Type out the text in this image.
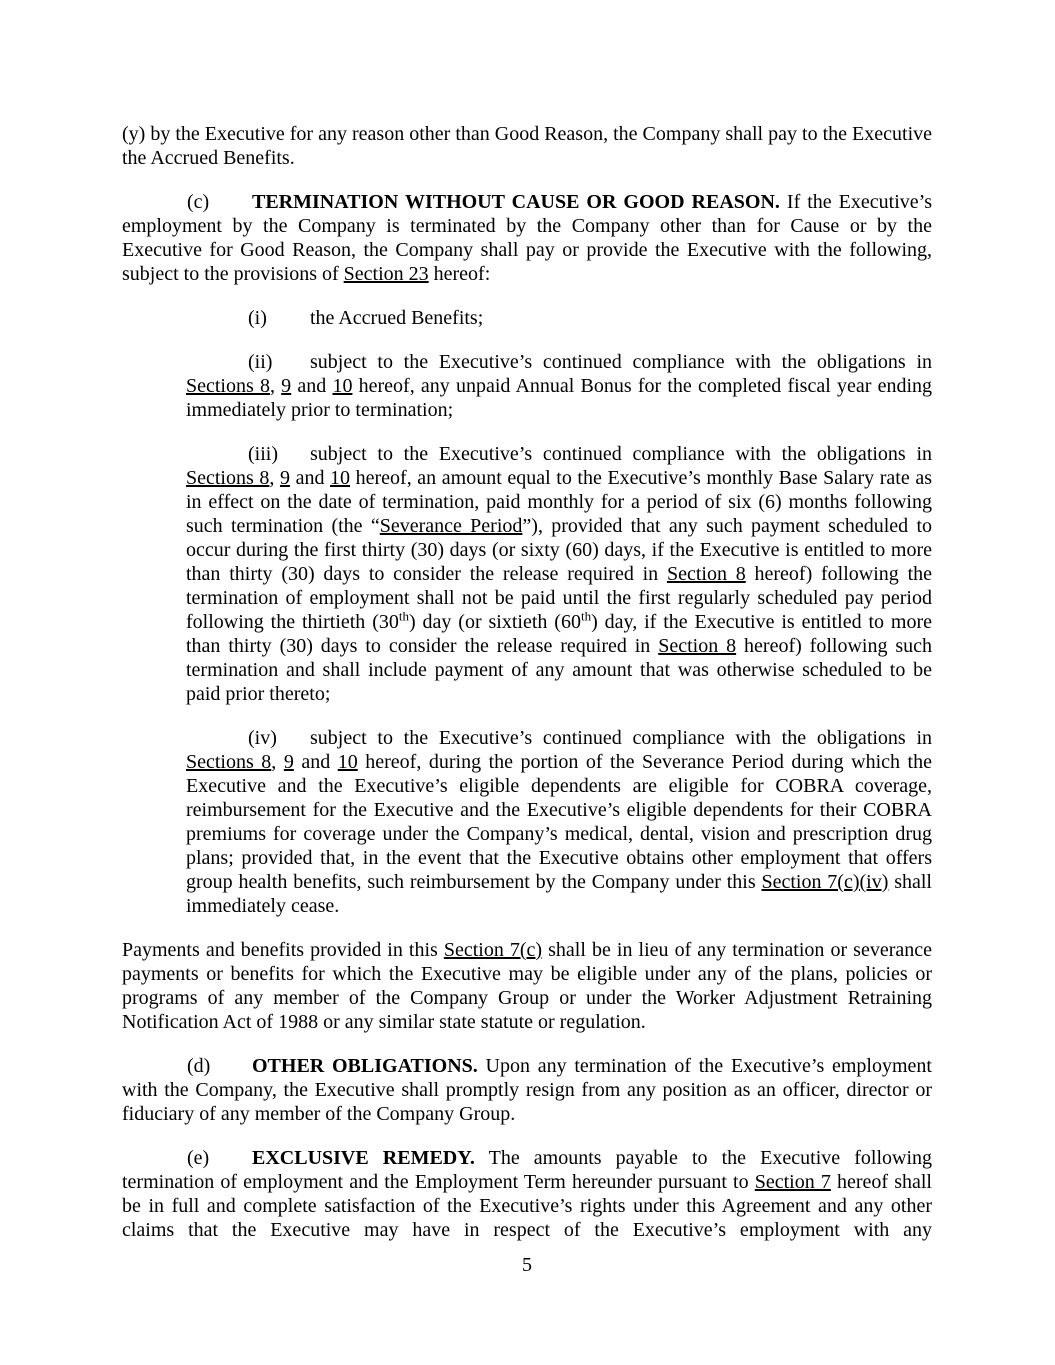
(y) by the Executive for any reason other than Good Reason, the Company shall pay to the Executive the Accrued Benefits.

(c) TERMINATION WITHOUT CAUSE OR GOOD REASON. If the Executive’s employment by the Company is terminated by the Company other than for Cause or by the Executive for Good Reason, the Company shall pay or provide the Executive with the following, subject to the provisions of Section 23 hereof:

(i) the Accrued Benefits;

(ii) subject to the Executive’s continued compliance with the obligations in Sections 8, 9 and 10 hereof, any unpaid Annual Bonus for the completed fiscal year ending immediately prior to termination;

(iii) subject to the Executive’s continued compliance with the obligations in Sections 8, 9 and 10 hereof, an amount equal to the Executive’s monthly Base Salary rate as in effect on the date of termination, paid monthly for a period of six (6) months following such termination (the “Severance Period”), provided that any such payment scheduled to occur during the first thirty (30) days (or sixty (60) days, if the Executive is entitled to more than thirty (30) days to consider the release required in Section 8 hereof) following the termination of employment shall not be paid until the first regularly scheduled pay period following the thirtieth (30th) day (or sixtieth (60th) day, if the Executive is entitled to more than thirty (30) days to consider the release required in Section 8 hereof) following such termination and shall include payment of any amount that was otherwise scheduled to be paid prior thereto;

(iv) subject to the Executive’s continued compliance with the obligations in Sections 8, 9 and 10 hereof, during the portion of the Severance Period during which the Executive and the Executive’s eligible dependents are eligible for COBRA coverage, reimbursement for the Executive and the Executive’s eligible dependents for their COBRA premiums for coverage under the Company’s medical, dental, vision and prescription drug plans; provided that, in the event that the Executive obtains other employment that offers group health benefits, such reimbursement by the Company under this Section 7(c)(iv) shall immediately cease.

Payments and benefits provided in this Section 7(c) shall be in lieu of any termination or severance payments or benefits for which the Executive may be eligible under any of the plans, policies or programs of any member of the Company Group or under the Worker Adjustment Retraining Notification Act of 1988 or any similar state statute or regulation.

(d) OTHER OBLIGATIONS. Upon any termination of the Executive’s employment with the Company, the Executive shall promptly resign from any position as an officer, director or fiduciary of any member of the Company Group.

(e) EXCLUSIVE REMEDY. The amounts payable to the Executive following termination of employment and the Employment Term hereunder pursuant to Section 7 hereof shall be in full and complete satisfaction of the Executive’s rights under this Agreement and any other claims that the Executive may have in respect of the Executive’s employment with any

5
